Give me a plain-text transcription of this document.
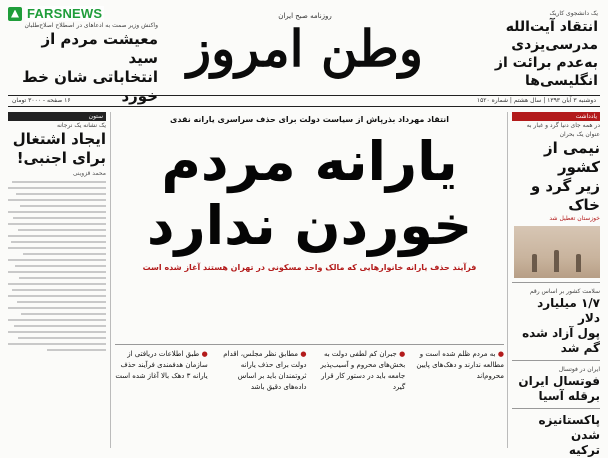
FARSNEWS
واکنش وزیر صمت به ادعاهای در اصطلاح اصلاح‌طلبان
معیشت مردم از سید
انتخاباتی شان خط خورد
روزنامه صبح ایران
وطن امروز
یک دانشجوی کاریک
انتقاد آیت‌الله مدرسی‌یزدی
به‌عدم برائت از انگلیسی‌ها
دوشنبه ۳ آبان ۱۳۹۳ | سال هشتم | شماره ۱۵۲۰
۱۶ صفحه - ۳۰۰۰ تومان
یادداشت
در همه جای دنیا گرد و غبار به عنوان یک بحران
نیمی از کشور
زیر گرد و خاک
خوزستان تعطیل شد
سلامت کشور بر اساس رقم
۱/۷ میلیارد دلار
پول آزاد شده گم شد
ایران در فوتسال
فوتسال ایران
برقله آسیا
پاکستانیزه شدن
ترکیه
انتقاد مهرداد بذرپاش از سیاست دولت برای حذف سراسری یارانه نقدی
یارانه مردم
خوردن ندارد
فرآیند حذف یارانه خانوارهایی که مالک واحد مسکونی در تهران هستند آغاز شده است
● طبق اطلاعات دریافتی از سازمان هدفمندی فرآیند حذف یارانه ۳ دهک بالا آغاز شده است
● مطابق نظر مجلس، اقدام دولت برای حذف یارانه ثروتمندان باید بر اساس داده‌های دقیق باشد
● جبران کم لطفی دولت به بخش‌های محروم و آسیب‌پذیر جامعه باید در دستور کار قرار گیرد
● به مردم ظلم شده است و مطالعه ندارند و دهک‌های پایین محروم‌اند
ستون
یک نشانه یک نرجانه
ایجاد اشتغال
برای اجنبی!
محمد قزوینی
